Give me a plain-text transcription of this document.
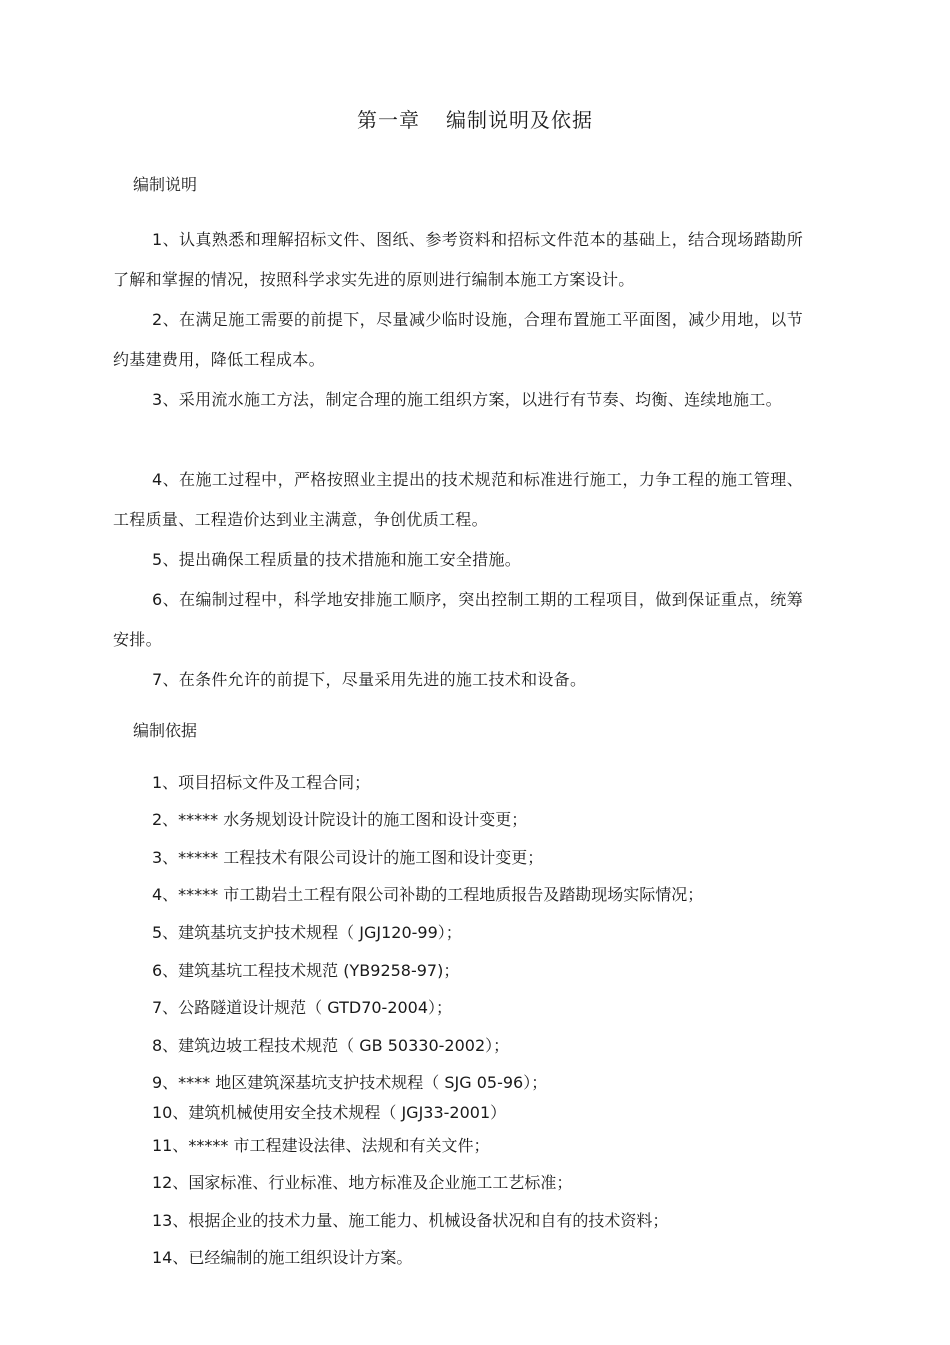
第一章 编制说明及依据
编制说明
1、认真熟悉和理解招标文件、图纸、参考资料和招标文件范本的基础上，结合现场踏勘所了解和掌握的情况，按照科学求实先进的原则进行编制本施工方案设计。
2、在满足施工需要的前提下，尽量减少临时设施，合理布置施工平面图，减少用地，以节约基建费用，降低工程成本。
3、采用流水施工方法，制定合理的施工组织方案，以进行有节奏、均衡、连续地施工。
4、在施工过程中，严格按照业主提出的技术规范和标准进行施工，力争工程的施工管理、工程质量、工程造价达到业主满意，争创优质工程。
5、提出确保工程质量的技术措施和施工安全措施。
6、在编制过程中，科学地安排施工顺序，突出控制工期的工程项目，做到保证重点，统筹安排。
7、在条件允许的前提下，尽量采用先进的施工技术和设备。
编制依据
1、项目招标文件及工程合同；
2、***** 水务规划设计院设计的施工图和设计变更；
3、***** 工程技术有限公司设计的施工图和设计变更；
4、***** 市工勘岩土工程有限公司补勘的工程地质报告及踏勘现场实际情况；
5、建筑基坑支护技术规程（ JGJ120-99）；
6、建筑基坑工程技术规范 (YB9258-97)；
7、公路隧道设计规范（ GTD70-2004）；
8、建筑边坡工程技术规范（ GB 50330-2002）；
9、**** 地区建筑深基坑支护技术规程（ SJG 05-96）；
10、建筑机械使用安全技术规程（ JGJ33-2001）
11、***** 市工程建设法律、法规和有关文件；
12、国家标准、行业标准、地方标准及企业施工工艺标准；
13、根据企业的技术力量、施工能力、机械设备状况和自有的技术资料；
14、已经编制的施工组织设计方案。
